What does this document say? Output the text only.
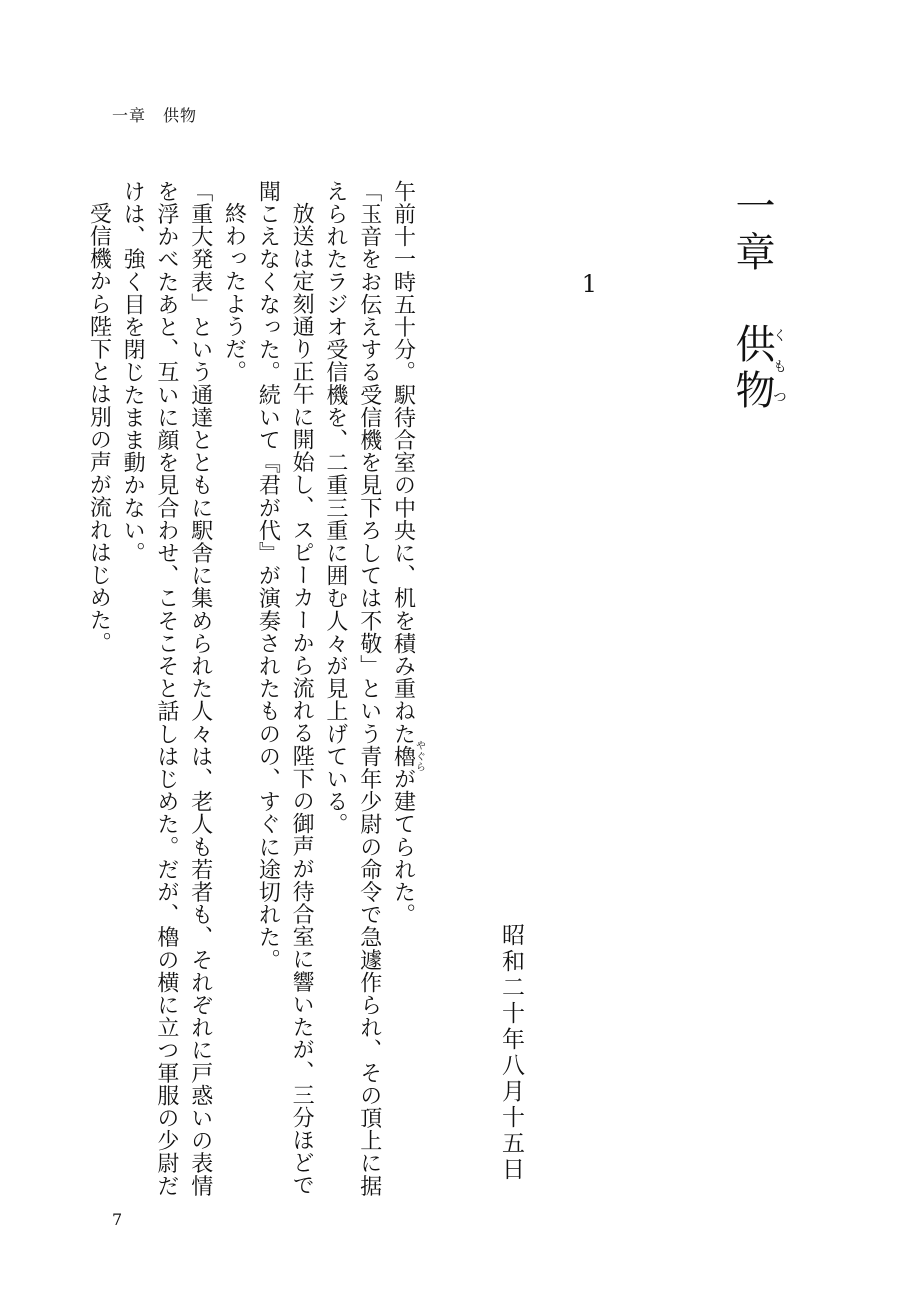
一章　供物
一章　供物くもつ
1
昭和二十年八月十五日

午前十一時五十分。駅待合室の中央に、机を積み重ねた櫓やぐらが建てられた。

「玉音をお伝えする受信機を見下ろしては不敬」という青年少尉の命令で急遽作られ、その頂上に据

えられたラジオ受信機を、二重三重に囲む人々が見上げている。

放送は定刻通り正午に開始し、スピーカーから流れる陛下の御声が待合室に響いたが、三分ほどで

聞こえなくなった。続いて『君が代』が演奏されたものの、すぐに途切れた。

終わったようだ。

「重大発表」という通達とともに駅舎に集められた人々は、老人も若者も、それぞれに戸惑いの表情

を浮かべたあと、互いに顔を見合わせ、こそこそと話しはじめた。だが、櫓の横に立つ軍服の少尉だ

けは、強く目を閉じたまま動かない。

受信機から陛下とは別の声が流れはじめた。

7
